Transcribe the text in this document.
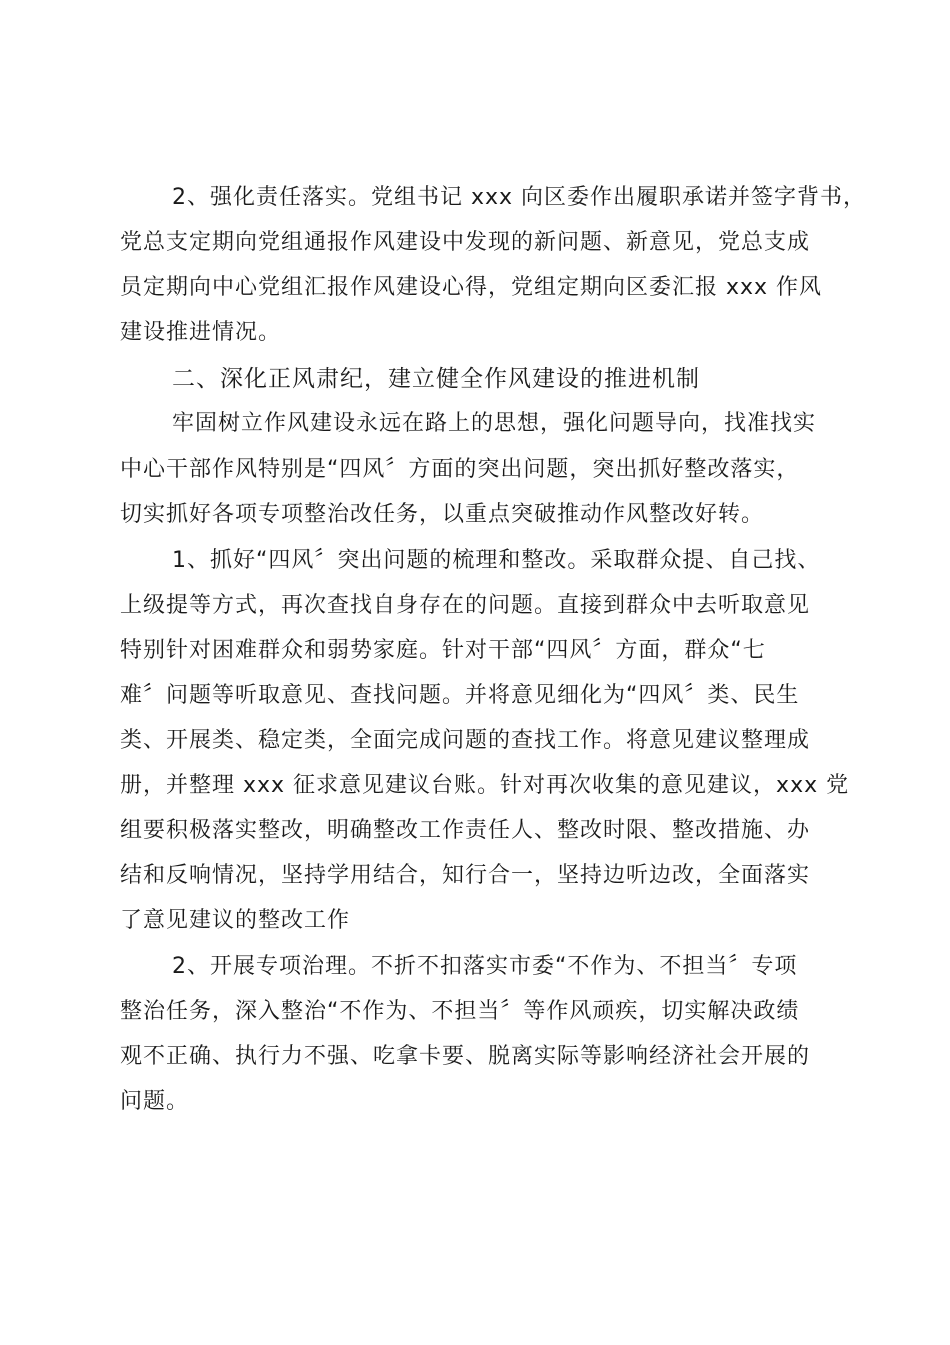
2、强化责任落实。党组书记 xxx 向区委作出履职承诺并签字背书，

党总支定期向党组通报作风建设中发现的新问题、新意见，党总支成

员定期向中心党组汇报作风建设心得，党组定期向区委汇报 xxx 作风

建设推进情况。

二、深化正风肃纪，建立健全作风建设的推进机制

牢固树立作风建设永远在路上的思想，强化问题导向，找准找实

中心干部作风特别是“四风〞方面的突出问题，突出抓好整改落实，

切实抓好各项专项整治改任务，以重点突破推动作风整改好转。

1、抓好“四风〞突出问题的梳理和整改。采取群众提、自己找、

上级提等方式，再次查找自身存在的问题。直接到群众中去听取意见

特别针对困难群众和弱势家庭。针对干部“四风〞方面，群众“七

难〞问题等听取意见、查找问题。并将意见细化为“四风〞类、民生

类、开展类、稳定类，全面完成问题的查找工作。将意见建议整理成

册，并整理 xxx 征求意见建议台账。针对再次收集的意见建议，xxx 党

组要积极落实整改，明确整改工作责任人、整改时限、整改措施、办

结和反响情况，坚持学用结合，知行合一，坚持边听边改，全面落实

了意见建议的整改工作

2、开展专项治理。不折不扣落实市委“不作为、不担当〞专项

整治任务，深入整治“不作为、不担当〞等作风顽疾，切实解决政绩

观不正确、执行力不强、吃拿卡要、脱离实际等影响经济社会开展的

问题。
